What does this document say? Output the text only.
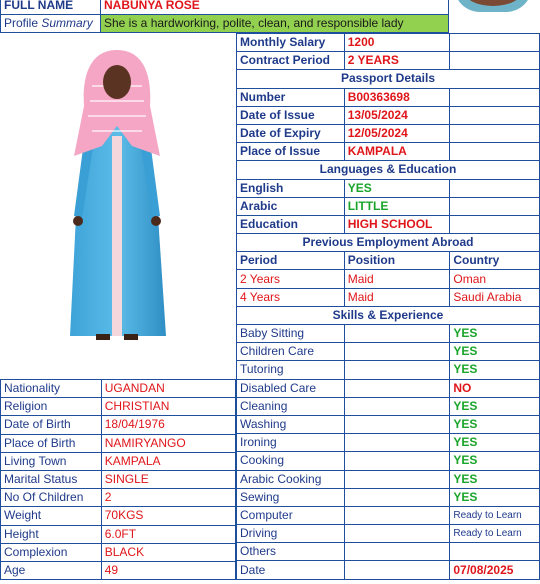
FULL NAME	NABUNYA ROSE	
Profile Summary	She is a hardworking, polite, clean, and responsible lady	
Monthly Salary	1200	
Contract Period	2 YEARS	
Passport Details		
Number	B00363698	
Date of Issue	13/05/2024	
Date of Expiry	12/05/2024	
Place of Issue	KAMPALA	
Languages & Education		
English	YES	
Arabic	LITTLE	
Education	HIGH SCHOOL	
Previous Employment Abroad		
Period	Position	Country
2 Years	Maid	Oman
4 Years	Maid	Saudi Arabia
Skills & Experience		
Baby Sitting		YES
Children Care		YES
Tutoring		YES
Disabled Care		NO
Cleaning		YES
Washing		YES
Ironing		YES
Cooking		YES
Arabic Cooking		YES
Sewing		YES
Computer		Ready to Learn
Driving		Ready to Learn
Others		
Date		07/08/2025
Nationality	UGANDAN
Religion	CHRISTIAN
Date of Birth	18/04/1976
Place of Birth	NAMIRYANGO
Living Town	KAMPALA
Marital Status	SINGLE
No Of Children	2
Weight	70KGS
Height	6.0FT
Complexion	BLACK
Age	49
